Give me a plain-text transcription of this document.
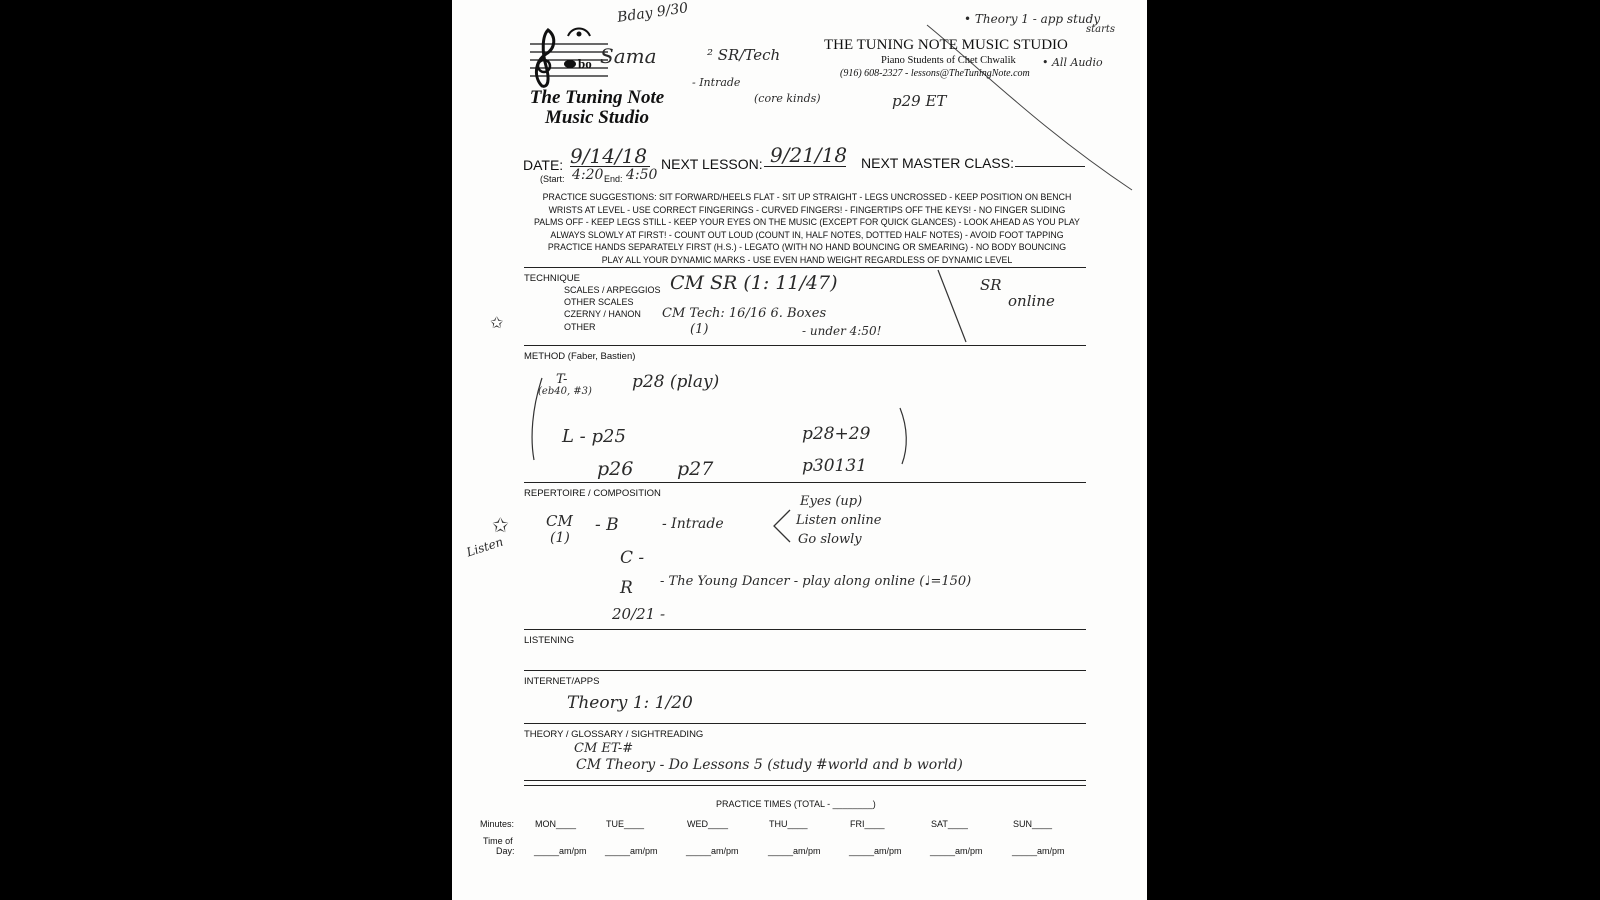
bo Sama
Bday 9/30
The Tuning Note
Music Studio
² SR/Tech
- Intrade
(core kinds)	p29 ET
• Theory 1 - app study
starts
• All Audio
THE TUNING NOTE MUSIC STUDIO
Piano Students of Chet Chwalik
(916) 608-2327 - lessons@TheTuningNote.com
DATE: 9/14/18
(Start: 4:20 End: 4:50
NEXT LESSON: 9/21/18 NEXT MASTER CLASS:
PRACTICE SUGGESTIONS: SIT FORWARD/HEELS FLAT - SIT UP STRAIGHT - LEGS UNCROSSED - KEEP POSITION ON BENCH
WRISTS AT LEVEL - USE CORRECT FINGERINGS - CURVED FINGERS! - FINGERTIPS OFF THE KEYS! - NO FINGER SLIDING
PALMS OFF - KEEP LEGS STILL - KEEP YOUR EYES ON THE MUSIC (EXCEPT FOR QUICK GLANCES) - LOOK AHEAD AS YOU PLAY
ALWAYS SLOWLY AT FIRST! - COUNT OUT LOUD (COUNT IN, HALF NOTES, DOTTED HALF NOTES) - AVOID FOOT TAPPING
PRACTICE HANDS SEPARATELY FIRST (H.S.) - LEGATO (WITH NO HAND BOUNCING OR SMEARING) - NO BODY BOUNCING
PLAY ALL YOUR DYNAMIC MARKS - USE EVEN HAND WEIGHT REGARDLESS OF DYNAMIC LEVEL
TECHNIQUE
SCALES / ARPEGGIOS
OTHER SCALES
CZERNY / HANON
OTHER
CM SR (1: 11/47)
CM Tech: 16/16 6. Boxes
(1)	- under 4:50!
SR
online
✩
METHOD (Faber, Bastien)
T-
(eb40, #3) p28 (play)
L - p25	p28+29
p26 p27	p30131
REPERTOIRE / COMPOSITION
CM
(1)
- B	- Intrade
Eyes (up)
Listen online
Go slowly
C -
R - The Young Dancer - play along online (♩=150)
20/21 -
Listen
✩
LISTENING
INTERNET/APPS
Theory 1: 1/20
THEORY / GLOSSARY / SIGHTREADING
CM ET-#
CM Theory - Do Lessons 5 (study #world and b world)
PRACTICE TIMES (TOTAL - ________)
Minutes: MON____	TUE____	WED____	THU____	FRI____	SAT____	SUN____
Time of
Day: _____am/pm _____am/pm	_____am/pm	_____am/pm	_____am/pm	_____am/pm	_____am/pm
